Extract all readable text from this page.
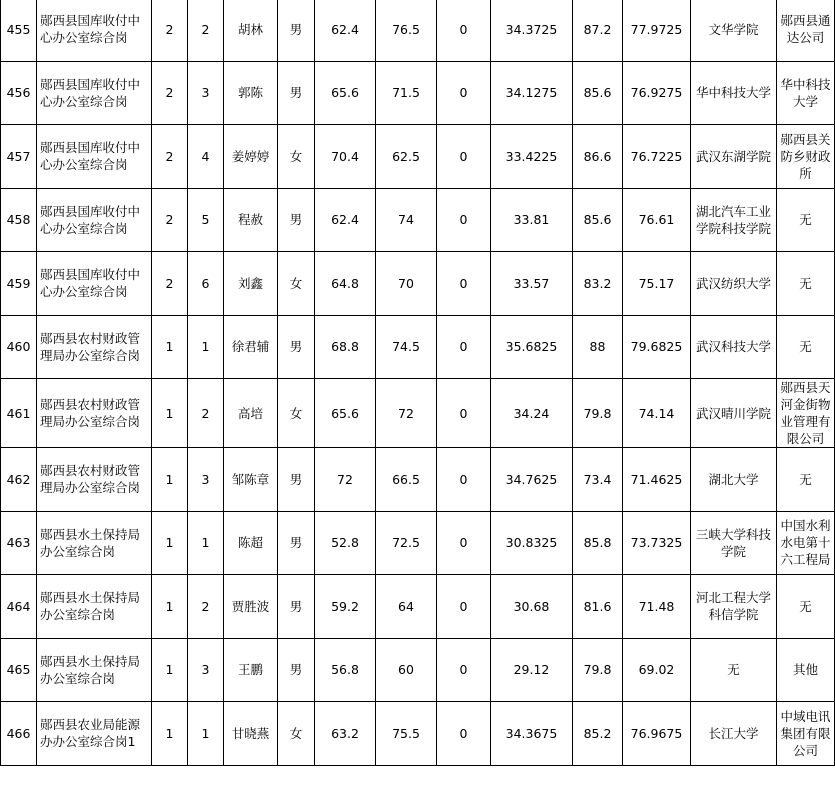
455	郧西县国库收付中心办公室综合岗	2	2	胡林	男	62.4	76.5	0	34.3725	87.2	77.9725	文华学院	郧西县通达公司
456	郧西县国库收付中心办公室综合岗	2	3	郭陈	男	65.6	71.5	0	34.1275	85.6	76.9275	华中科技大学	华中科技大学
457	郧西县国库收付中心办公室综合岗	2	4	姜婷婷	女	70.4	62.5	0	33.4225	86.6	76.7225	武汉东湖学院	郧西县关防乡财政所
458	郧西县国库收付中心办公室综合岗	2	5	程赦	男	62.4	74	0	33.81	85.6	76.61	湖北汽车工业学院科技学院	无
459	郧西县国库收付中心办公室综合岗	2	6	刘鑫	女	64.8	70	0	33.57	83.2	75.17	武汉纺织大学	无
460	郧西县农村财政管理局办公室综合岗	1	1	徐君辅	男	68.8	74.5	0	35.6825	88	79.6825	武汉科技大学	无
461	郧西县农村财政管理局办公室综合岗	1	2	高培	女	65.6	72	0	34.24	79.8	74.14	武汉晴川学院	郧西县天河金街物业管理有限公司
462	郧西县农村财政管理局办公室综合岗	1	3	邹陈章	男	72	66.5	0	34.7625	73.4	71.4625	湖北大学	无
463	郧西县水土保持局办公室综合岗	1	1	陈超	男	52.8	72.5	0	30.8325	85.8	73.7325	三峡大学科技学院	中国水利水电第十六工程局
464	郧西县水土保持局办公室综合岗	1	2	贾胜波	男	59.2	64	0	30.68	81.6	71.48	河北工程大学科信学院	无
465	郧西县水土保持局办公室综合岗	1	3	王鹏	男	56.8	60	0	29.12	79.8	69.02	无	其他
466	郧西县农业局能源办办公室综合岗1	1	1	甘晓燕	女	63.2	75.5	0	34.3675	85.2	76.9675	长江大学	中域电讯集团有限公司
